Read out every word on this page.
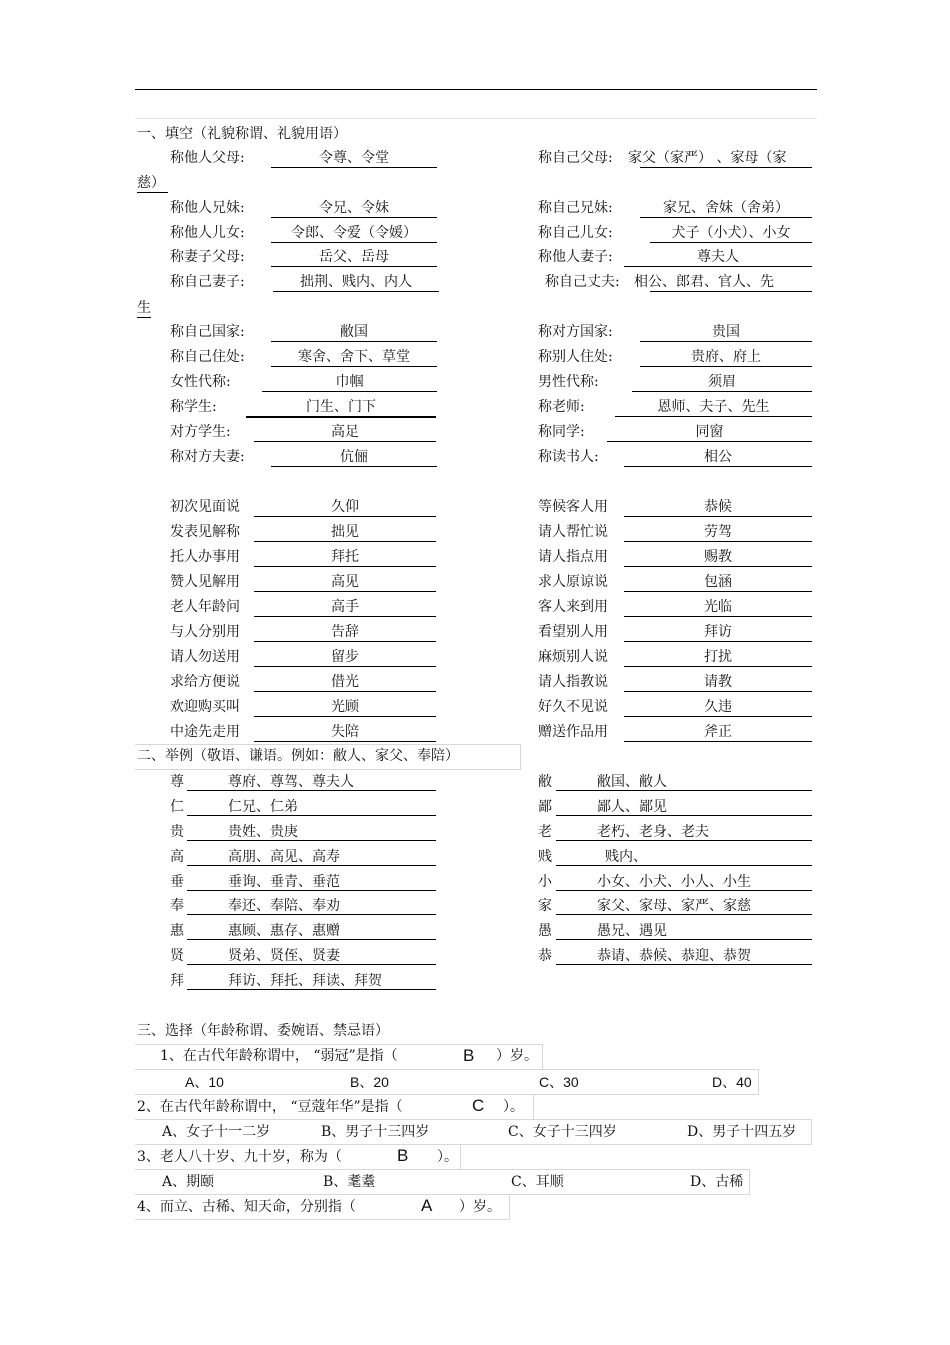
一、填空（礼貌称谓、礼貌用语）
称他人父母:	令尊、令堂	称自己父母: 家父（家严） 、家母（家
慈）
称他人兄妹:	令兄、令妹	称自己兄妹:	家兄、舍妹（舍弟）
称他人儿女:	令郎、令爱（令媛）	称自己儿女:	犬子（小犬）、小女
称妻子父母:	岳父、岳母	称他人妻子:	尊夫人
称自己妻子:	拙荆、贱内、内人	称自己丈夫: 相公、郎君、官人、先
生
称自己国家:	敝国	称对方国家:	贵国
称自己住处:	寒舍、舍下、草堂	称别人住处:	贵府、府上
女性代称:	巾帼	男性代称:	须眉
称学生:	门生、门下	称老师:	恩师、夫子、先生
对方学生:	高足	称同学:	同窗
称对方夫妻:	伉俪	称读书人:	相公
初次见面说	久仰	等候客人用	恭候
发表见解称	拙见	请人帮忙说	劳驾
托人办事用	拜托	请人指点用	赐教
赞人见解用	高见	求人原谅说	包涵
老人年龄问	高手	客人来到用	光临
与人分别用	告辞	看望别人用	拜访
请人勿送用	留步	麻烦别人说	打扰
求给方便说	借光	请人指教说	请教
欢迎购买叫	光顾	好久不见说	久违
中途先走用	失陪	赠送作品用	斧正
二、举例（敬语、谦语。例如：敝人、家父、奉陪）
尊	尊府、尊驾、尊夫人	敝	敝国、敝人
仁	仁兄、仁弟	鄙	鄙人、鄙见
贵	贵姓、贵庚	老	老朽、老身、老夫
高	高朋、高见、高寿	贱	贱内、
垂	垂询、垂青、垂范	小	小女、小犬、小人、小生
奉	奉还、奉陪、奉劝	家	家父、家母、家严、家慈
惠	惠顾、惠存、惠赠	愚	愚兄、遇见
贤	贤弟、贤侄、贤妻	恭	恭请、恭候、恭迎、恭贺
拜	拜访、拜托、拜读、拜贺
三、选择（年龄称谓、委婉语、禁忌语）
1、在古代年龄称谓中， “弱冠”是指（	B ）岁。
A、10	B、20	C、30	D、40
2、在古代年龄称谓中， “豆蔻年华”是指（	C ）。
A、女子十一二岁	B、男子十三四岁	C、女子十三四岁	D、男子十四五岁
3、老人八十岁、九十岁，称为（	B ）。
A、期颐	B、耄耋	C、耳顺	D、古稀
4、而立、古稀、知天命，分别指（	A ）岁。
